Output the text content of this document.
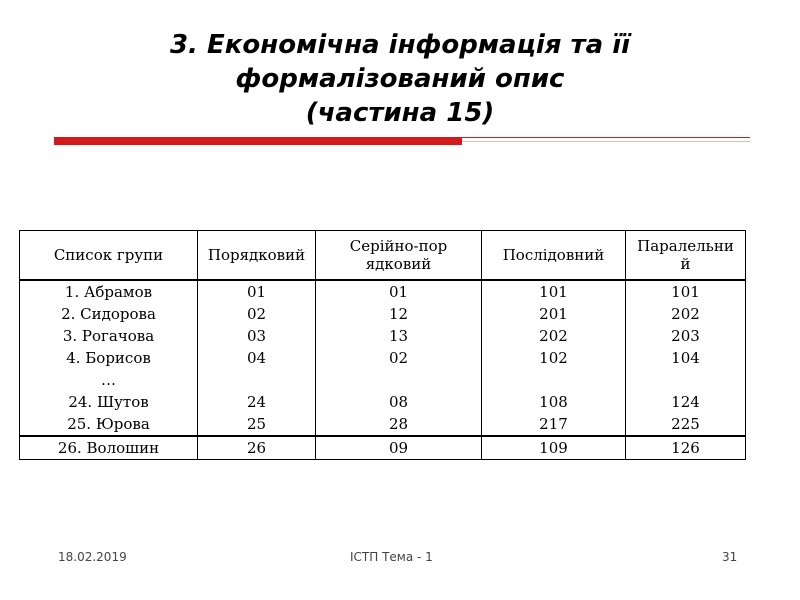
3. Економічна інформація та її
формалізований опис
(частина 15)
Список групи	Порядковий	Серійно-порядковий	Послідовний	Паралельний
1. Абрамов	01	01	101	101
2. Сидорова	02	12	201	202
3. Рогачова	03	13	202	203
4. Борисов	04	02	102	104
…				
24. Шутов	24	08	108	124
25. Юрова	25	28	217	225
26. Волошин	26	09	109	126
18.02.2019	ІСТП Тема - 1	31
